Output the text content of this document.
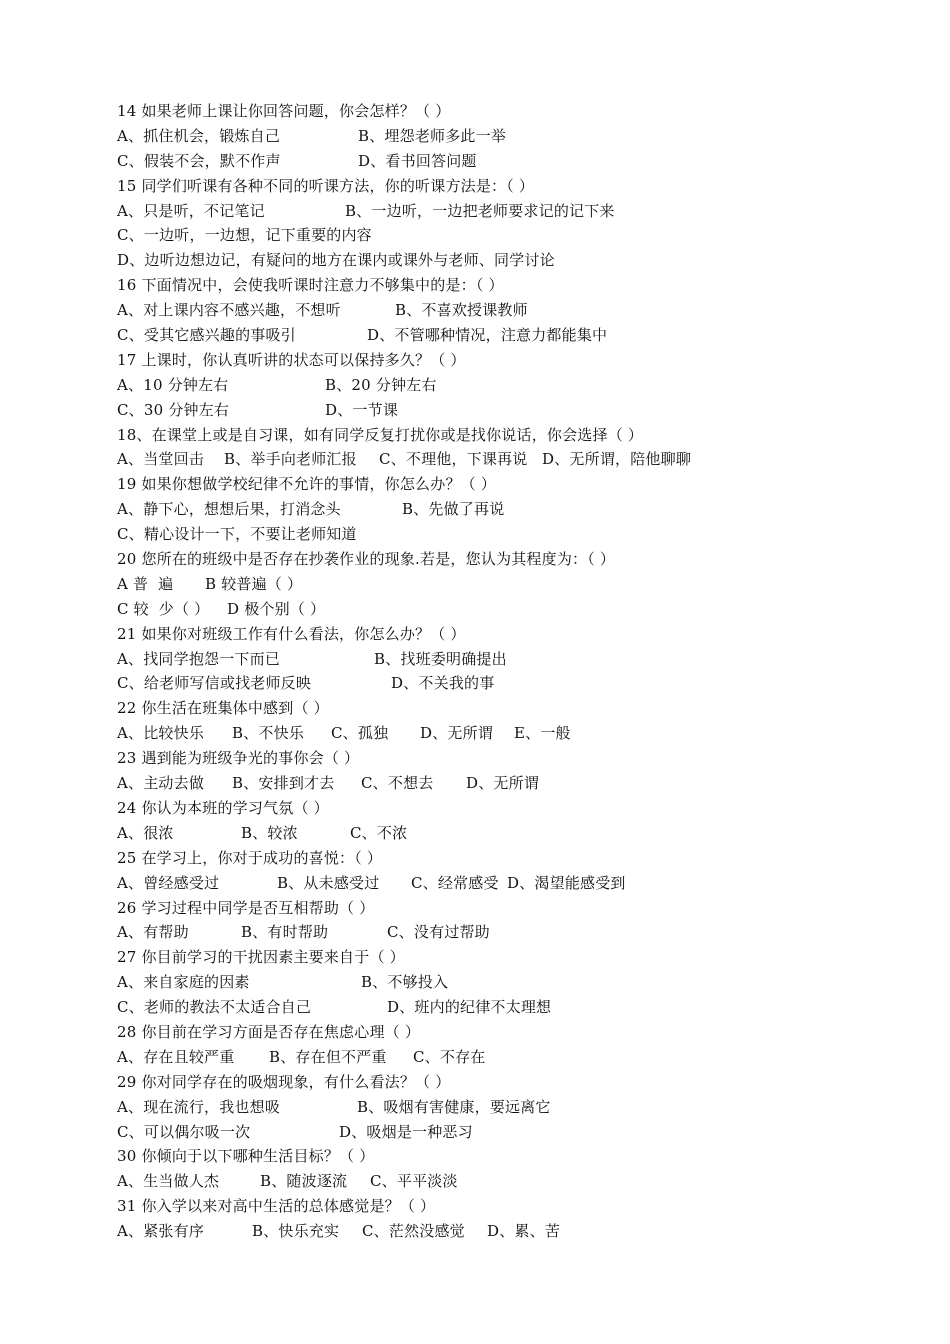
14 如果老师上课让你回答问题，你会怎样？（ ）
A、抓住机会，锻炼自己	B、埋怨老师多此一举
C、假装不会，默不作声	D、看书回答问题
15 同学们听课有各种不同的听课方法，你的听课方法是：（ ）
A、只是听，不记笔记	B、一边听，一边把老师要求记的记下来
C、一边听，一边想，记下重要的内容
D、边听边想边记，有疑问的地方在课内或课外与老师、同学讨论
16 下面情况中，会使我听课时注意力不够集中的是：（ ）
A、对上课内容不感兴趣，不想听	B、不喜欢授课教师
C、受其它感兴趣的事吸引	D、不管哪种情况，注意力都能集中
17 上课时，你认真听讲的状态可以保持多久？（ ）
A、10 分钟左右	B、20 分钟左右
C、30 分钟左右	D、一节课
18、在课堂上或是自习课，如有同学反复打扰你或是找你说话，你会选择（ ）
A、当堂回击 B、举手向老师汇报 C、不理他，下课再说 D、无所谓，陪他聊聊
19 如果你想做学校纪律不允许的事情，你怎么办？（ ）
A、静下心，想想后果，打消念头	B、先做了再说
C、精心设计一下，不要让老师知道
20 您所在的班级中是否存在抄袭作业的现象.若是，您认为其程度为：（ ）
A 普  遍 B 较普遍（ ）
C 较  少（ ） D 极个别（ ）
21 如果你对班级工作有什么看法，你怎么办？（ ）
A、找同学抱怨一下而已	B、找班委明确提出
C、给老师写信或找老师反映	D、不关我的事
22 你生活在班集体中感到（ ）
A、比较快乐 B、不快乐 C、孤独 D、无所谓 E、一般
23 遇到能为班级争光的事你会（ ）
A、主动去做 B、安排到才去 C、不想去 D、无所谓
24 你认为本班的学习气氛（ ）
A、很浓	B、较浓	C、不浓
25 在学习上，你对于成功的喜悦：（ ）
A、曾经感受过	B、从未感受过 C、经常感受 D、渴望能感受到
26 学习过程中同学是否互相帮助（ ）
A、有帮助	B、有时帮助	C、没有过帮助
27 你目前学习的干扰因素主要来自于（ ）
A、来自家庭的因素	B、不够投入
C、老师的教法不太适合自己	D、班内的纪律不太理想
28 你目前在学习方面是否存在焦虑心理（ ）
A、存在且较严重 B、存在但不严重 C、不存在
29 你对同学存在的吸烟现象，有什么看法？（ ）
A、现在流行，我也想吸	B、吸烟有害健康，要远离它
C、可以偶尔吸一次	D、吸烟是一种恶习
30 你倾向于以下哪种生活目标？（ ）
A、生当做人杰	B、随波逐流 C、平平淡淡
31 你入学以来对高中生活的总体感觉是？（ ）
A、紧张有序	B、快乐充实 C、茫然没感觉 D、累、苦
